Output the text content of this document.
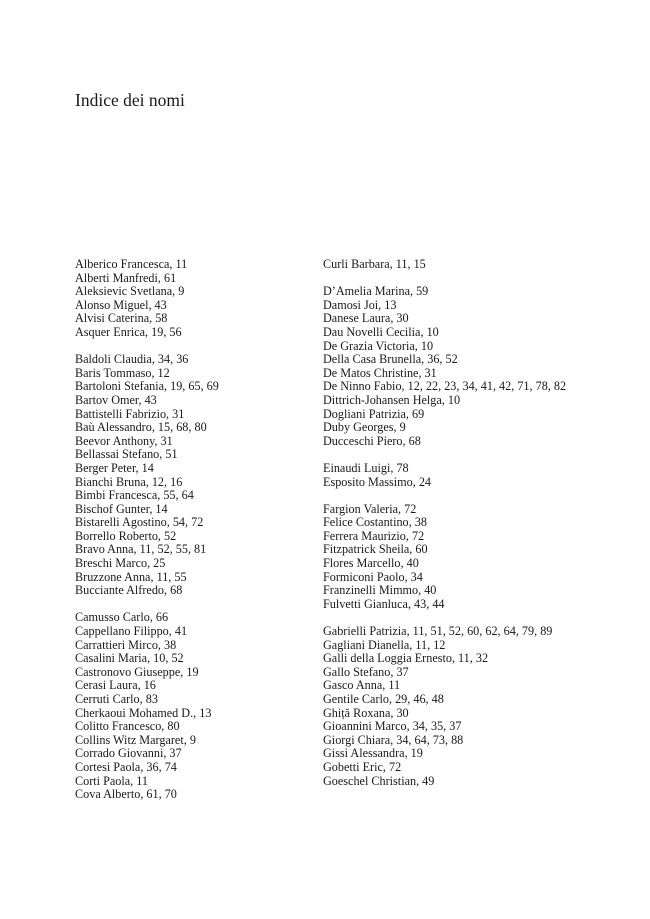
Indice dei nomi

Alberico Francesca, 11

Alberti Manfredi, 61

Aleksievic Svetlana, 9

Alonso Miguel, 43

Alvisi Caterina, 58

Asquer Enrica, 19, 56

Baldoli Claudia, 34, 36

Baris Tommaso, 12

Bartoloni Stefania, 19, 65, 69

Bartov Omer, 43

Battistelli Fabrizio, 31

Baù Alessandro, 15, 68, 80

Beevor Anthony, 31

Bellassai Stefano, 51

Berger Peter, 14

Bianchi Bruna, 12, 16

Bimbi Francesca, 55, 64

Bischof Gunter, 14

Bistarelli Agostino, 54, 72

Borrello Roberto, 52

Bravo Anna, 11, 52, 55, 81

Breschi Marco, 25

Bruzzone Anna, 11, 55

Bucciante Alfredo, 68

Camusso Carlo, 66

Cappellano Filippo, 41

Carrattieri Mirco, 38

Casalini Maria, 10, 52

Castronovo Giuseppe, 19

Cerasi Laura, 16

Cerruti Carlo, 83

Cherkaoui Mohamed D., 13

Colitto Francesco, 80

Collins Witz Margaret, 9

Corrado Giovanni, 37

Cortesi Paola, 36, 74

Corti Paola, 11

Cova Alberto, 61, 70

Curli Barbara, 11, 15

D’Amelia Marina, 59

Damosi Joi, 13

Danese Laura, 30

Dau Novelli Cecilia, 10

De Grazia Victoria, 10

Della Casa Brunella, 36, 52

De Matos Christine, 31

De Ninno Fabio, 12, 22, 23, 34, 41, 42, 71, 78, 82

Dittrich-Johansen Helga, 10

Dogliani Patrizia, 69

Duby Georges, 9

Ducceschi Piero, 68

Einaudi Luigi, 78

Esposito Massimo, 24

Fargion Valeria, 72

Felice Costantino, 38

Ferrera Maurizio, 72

Fitzpatrick Sheila, 60

Flores Marcello, 40

Formiconi Paolo, 34

Franzinelli Mimmo, 40

Fulvetti Gianluca, 43, 44

Gabrielli Patrizia, 11, 51, 52, 60, 62, 64, 79, 89

Gagliani Dianella, 11, 12

Galli della Loggia Ernesto, 11, 32

Gallo Stefano, 37

Gasco Anna, 11

Gentile Carlo, 29, 46, 48

Ghiță Roxana, 30

Gioannini Marco, 34, 35, 37

Giorgi Chiara, 34, 64, 73, 88

Gissi Alessandra, 19

Gobetti Eric, 72

Goeschel Christian, 49
